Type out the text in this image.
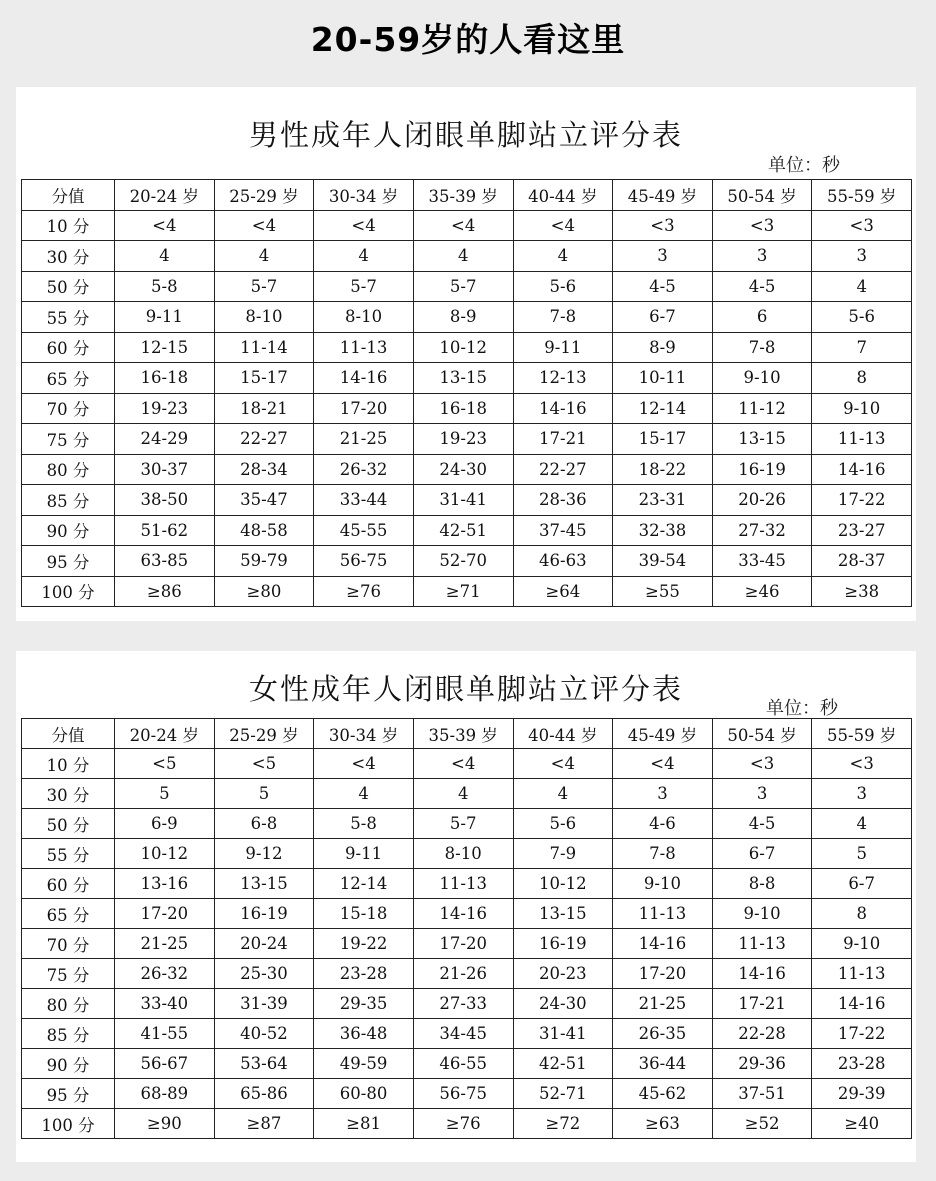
20-59岁的人看这里
男性成年人闭眼单脚站立评分表
单位：秒
分值	20-24 岁	25-29 岁	30-34 岁	35-39 岁	40-44 岁	45-49 岁	50-54 岁	55-59 岁
10 分	<4	<4	<4	<4	<4	<3	<3	<3
30 分	4	4	4	4	4	3	3	3
50 分	5-8	5-7	5-7	5-7	5-6	4-5	4-5	4
55 分	9-11	8-10	8-10	8-9	7-8	6-7	6	5-6
60 分	12-15	11-14	11-13	10-12	9-11	8-9	7-8	7
65 分	16-18	15-17	14-16	13-15	12-13	10-11	9-10	8
70 分	19-23	18-21	17-20	16-18	14-16	12-14	11-12	9-10
75 分	24-29	22-27	21-25	19-23	17-21	15-17	13-15	11-13
80 分	30-37	28-34	26-32	24-30	22-27	18-22	16-19	14-16
85 分	38-50	35-47	33-44	31-41	28-36	23-31	20-26	17-22
90 分	51-62	48-58	45-55	42-51	37-45	32-38	27-32	23-27
95 分	63-85	59-79	56-75	52-70	46-63	39-54	33-45	28-37
100 分	≥86	≥80	≥76	≥71	≥64	≥55	≥46	≥38
女性成年人闭眼单脚站立评分表
单位：秒
分值	20-24 岁	25-29 岁	30-34 岁	35-39 岁	40-44 岁	45-49 岁	50-54 岁	55-59 岁
10 分	<5	<5	<4	<4	<4	<4	<3	<3
30 分	5	5	4	4	4	3	3	3
50 分	6-9	6-8	5-8	5-7	5-6	4-6	4-5	4
55 分	10-12	9-12	9-11	8-10	7-9	7-8	6-7	5
60 分	13-16	13-15	12-14	11-13	10-12	9-10	8-8	6-7
65 分	17-20	16-19	15-18	14-16	13-15	11-13	9-10	8
70 分	21-25	20-24	19-22	17-20	16-19	14-16	11-13	9-10
75 分	26-32	25-30	23-28	21-26	20-23	17-20	14-16	11-13
80 分	33-40	31-39	29-35	27-33	24-30	21-25	17-21	14-16
85 分	41-55	40-52	36-48	34-45	31-41	26-35	22-28	17-22
90 分	56-67	53-64	49-59	46-55	42-51	36-44	29-36	23-28
95 分	68-89	65-86	60-80	56-75	52-71	45-62	37-51	29-39
100 分	≥90	≥87	≥81	≥76	≥72	≥63	≥52	≥40
